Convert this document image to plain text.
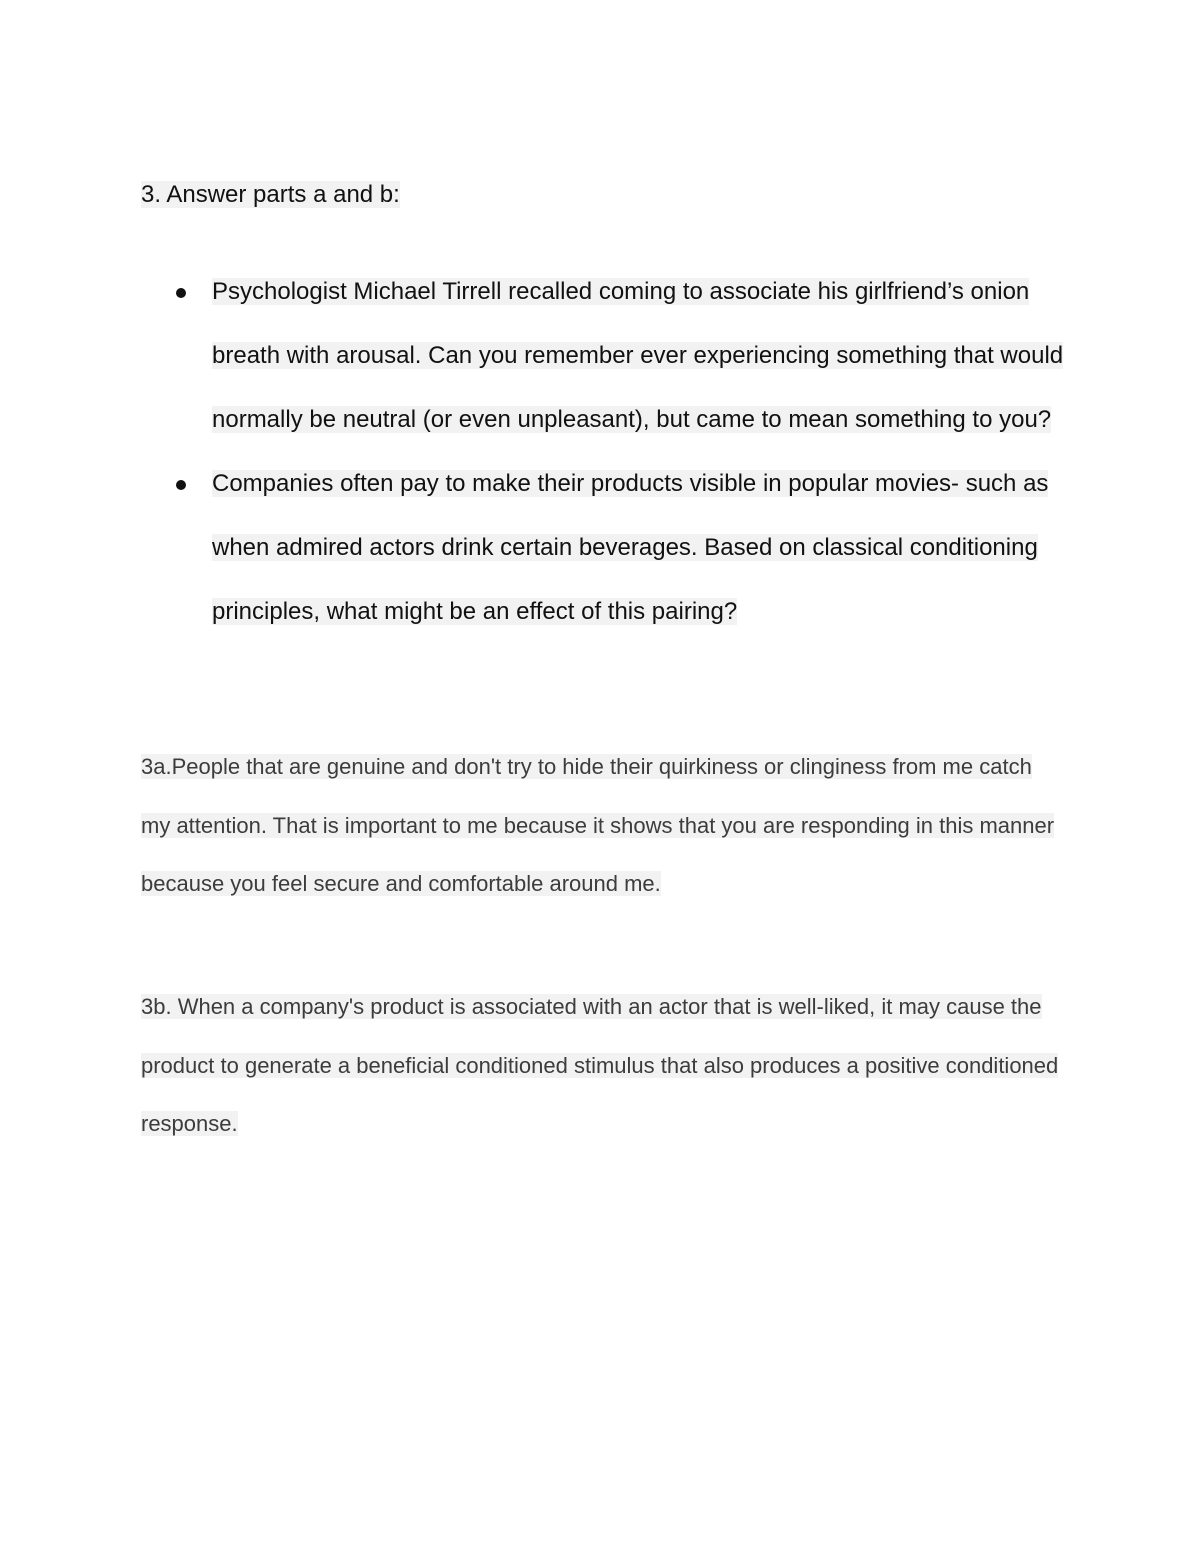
3. Answer parts a and b:
Psychologist Michael Tirrell recalled coming to associate his girlfriend’s onion breath with arousal. Can you remember ever experiencing something that would normally be neutral (or even unpleasant), but came to mean something to you?
Companies often pay to make their products visible in popular movies- such as when admired actors drink certain beverages. Based on classical conditioning principles, what might be an effect of this pairing?
3a.People that are genuine and don't try to hide their quirkiness or clinginess from me catch my attention. That is important to me because it shows that you are responding in this manner because you feel secure and comfortable around me.
3b. When a company's product is associated with an actor that is well-liked, it may cause the product to generate a beneficial conditioned stimulus that also produces a positive conditioned response.
